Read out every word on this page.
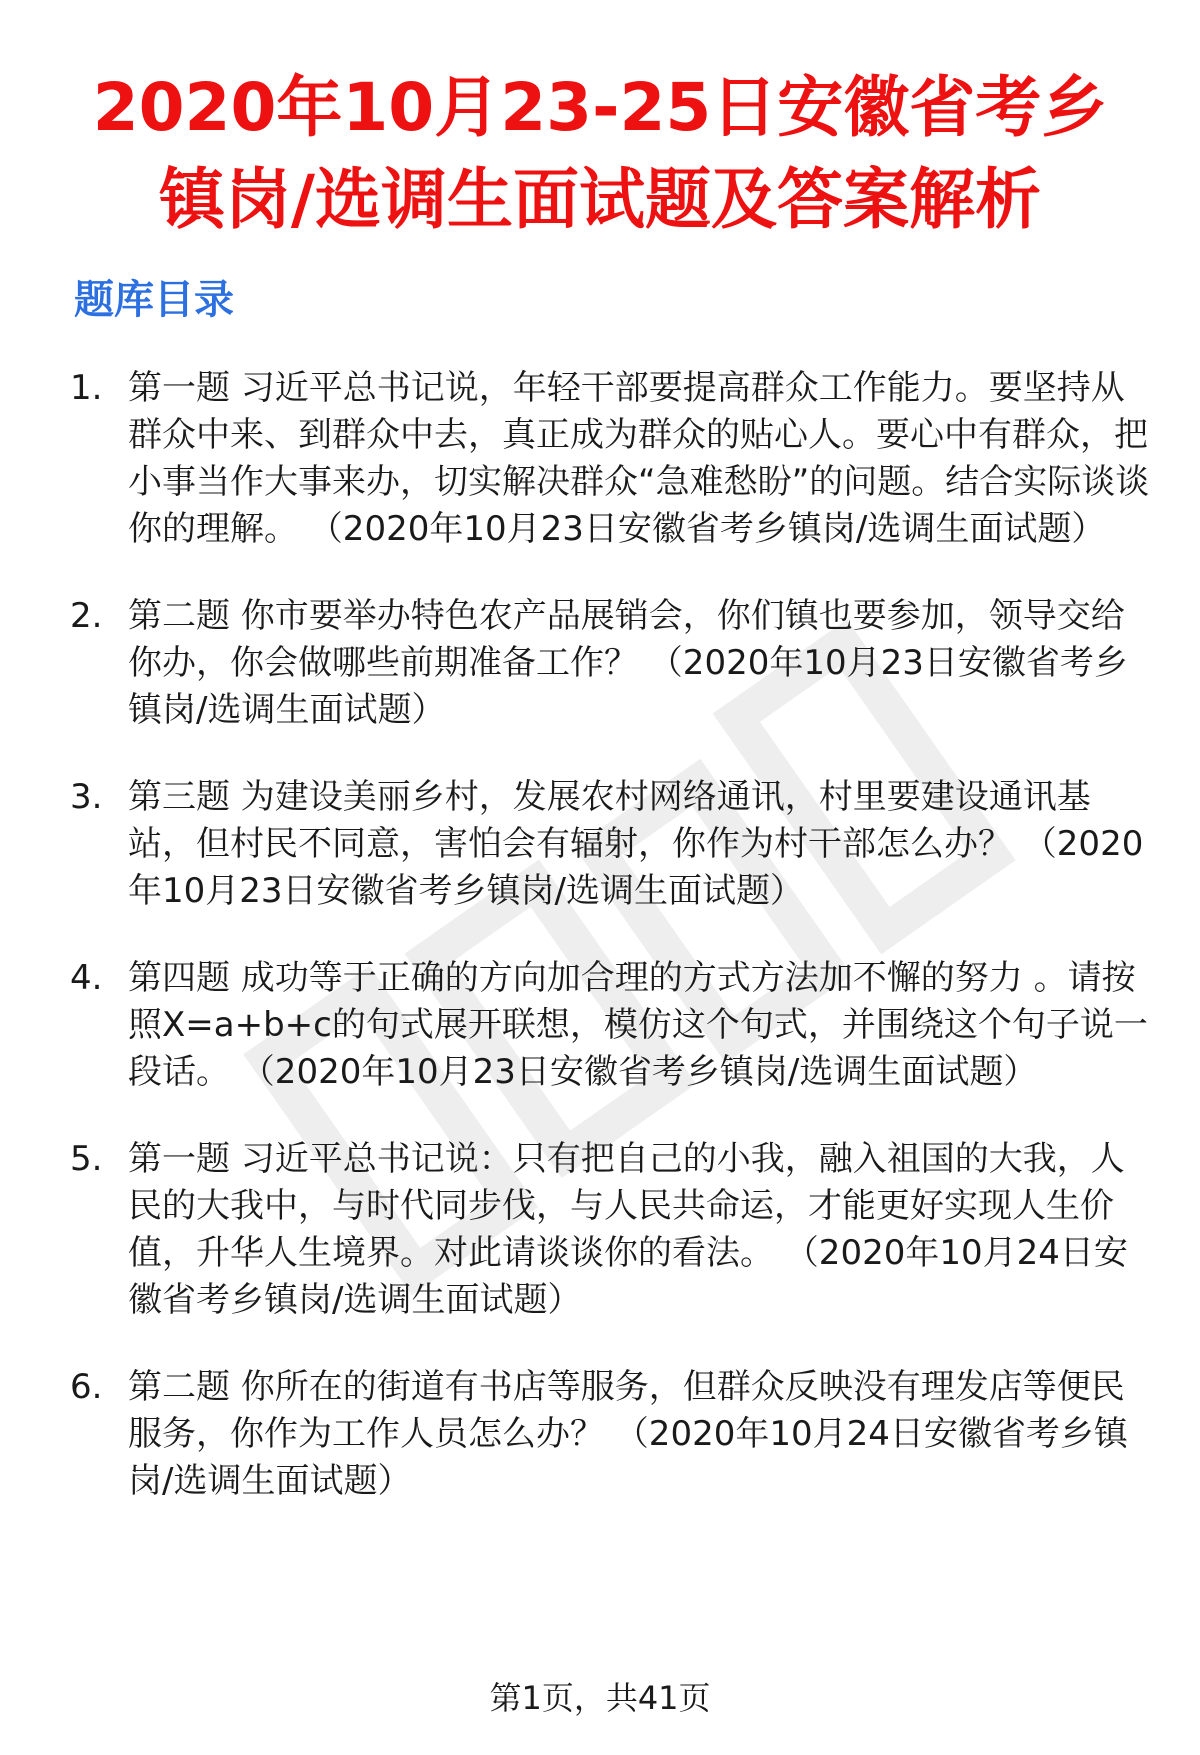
2020年10月23-25日安徽省考乡镇岗/选调生面试题及答案解析
题库目录
1. 第一题 习近平总书记说，年轻干部要提高群众工作能力。要坚持从群众中来、到群众中去，真正成为群众的贴心人。要心中有群众，把小事当作大事来办，切实解决群众“急难愁盼”的问题。结合实际谈谈你的理解。 （2020年10月23日安徽省考乡镇岗/选调生面试题）
2. 第二题 你市要举办特色农产品展销会，你们镇也要参加，领导交给你办，你会做哪些前期准备工作？ （2020年10月23日安徽省考乡镇岗/选调生面试题）
3. 第三题 为建设美丽乡村，发展农村网络通讯，村里要建设通讯基站，但村民不同意，害怕会有辐射，你作为村干部怎么办？ （2020年10月23日安徽省考乡镇岗/选调生面试题）
4. 第四题 成功等于正确的方向加合理的方式方法加不懈的努力 。请按照X=a+b+c的句式展开联想，模仿这个句式，并围绕这个句子说一段话。 （2020年10月23日安徽省考乡镇岗/选调生面试题）
5. 第一题 习近平总书记说：只有把自己的小我，融入祖国的大我，人民的大我中，与时代同步伐，与人民共命运，才能更好实现人生价值，升华人生境界。对此请谈谈你的看法。 （2020年10月24日安徽省考乡镇岗/选调生面试题）
6. 第二题 你所在的街道有书店等服务，但群众反映没有理发店等便民服务，你作为工作人员怎么办？ （2020年10月24日安徽省考乡镇岗/选调生面试题）
第1页，共41页
